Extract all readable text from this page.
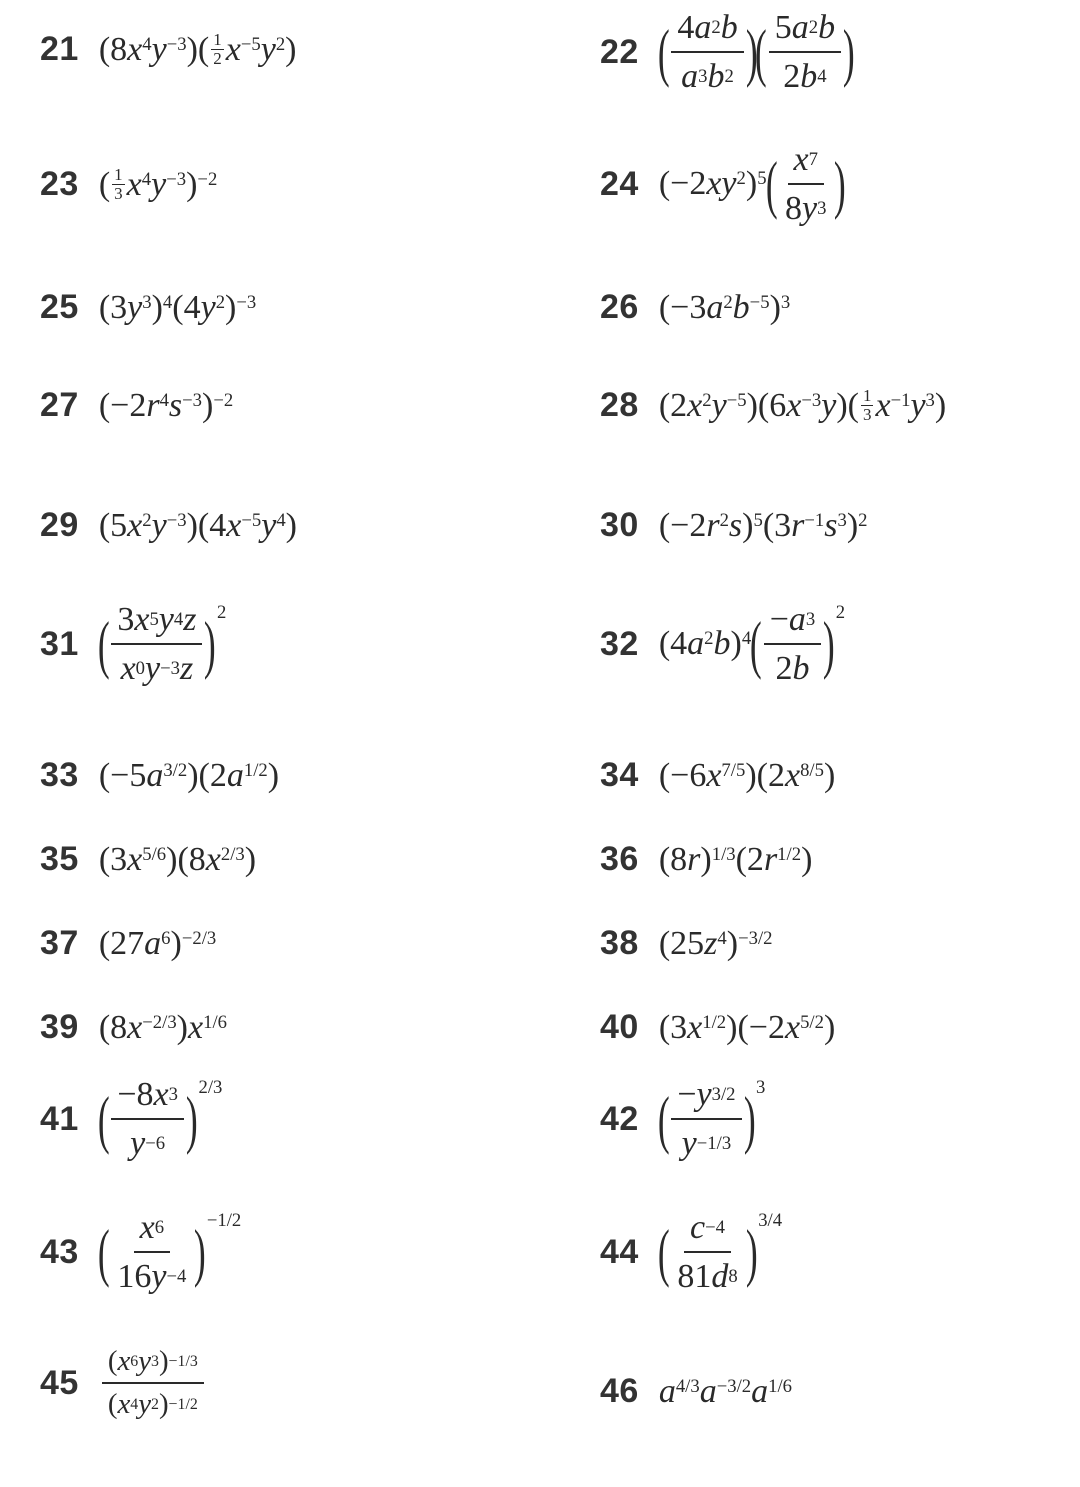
21 (8 $x^4$ $y^{-3}$ )( 1
2 $x^{-5}$ $y^2$ )	22 ( $\frac{4a^2b}{a^3b^2}$ )
( $\frac{5a^2b}{2b^4}$ )
23 ( 1
3 $x^4$ $y^{-3}$ )$^{-2}$	24 (−2 $xy^2$ )$^5$
( $\frac{x^7}{8y^3}$ )
25 (3 $y^3$ )$^4$ (4 $y^2$ )$^{-3}$	26 (−3 $a^2$ $b^{-5}$ )$^3$
27 (−2 $r^4$ $s^{-3}$ )$^{-2}$	28 (2 $x^2$ $y^{-5}$ )(6 $x^{-3}$ y )( 1
3 $x^{-1}$ $y^3$ )
29 (5 $x^2$ $y^{-3}$ )(4 $x^{-5}$ $y^4$ )	30 (−2 $r^2$ s )$^5$ (3 $r^{-1}$ $s^3$ )$^2$
31 ( $\frac{3x^5y^4z}{x^0y^{-3}z}$ ) 2
32 (4 $a^2$ b )$^4$
( $\frac{-a^3}{2b}$ ) 2
33 (−5 $a^{3/2}$ )(2 $a^{1/2}$ )	34 (−6 $x^{7/5}$ )(2 $x^{8/5}$ )
35 (3 $x^{5/6}$ )(8 $x^{2/3}$ )	36 (8 r )$^{1/3}$ (2 $r^{1/2}$ )
37 (27 $a^6$ )$^{-2/3}$	38 (25 $z^4$ )$^{-3/2}$
39 (8 $x^{-2/3}$ ) $x^{1/6}$	40 (3 $x^{1/2}$ )(−2 $x^{5/2}$ )
41 ( $\frac{-8x^3}{y^{-6}}$ ) 2/3
42 ( $\frac{-y^{3/2}}{y^{-1/3}}$ ) 3
43 ( $\frac{x^6}{16y^{-4}}$ ) −1/2
44 ( $\frac{c^{-4}}{81d^8}$ ) 3/4
$45 \frac{(x^6y^3)^{-1/3}}{(x^4y^2)^{-1/2}}$	46 $a^{4/3}$ $a^{-3/2}$ $a^{1/6}$
